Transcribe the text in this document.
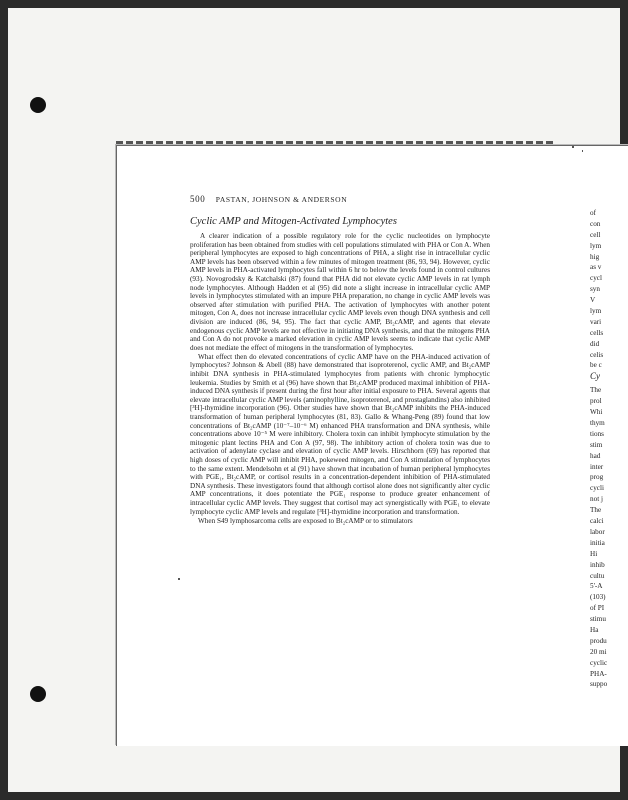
500 PASTAN, JOHNSON & ANDERSON
Cyclic AMP and Mitogen-Activated Lymphocytes

A clearer indication of a possible regulatory role for the cyclic nucleotides on lymphocyte proliferation has been obtained from studies with cell populations stimulated with PHA or Con A. When peripheral lymphocytes are exposed to high concentrations of PHA, a slight rise in intracellular cyclic AMP levels has been observed within a few minutes of mitogen treatment (86, 93, 94). However, cyclic AMP levels in PHA-activated lymphocytes fall within 6 hr to below the levels found in control cultures (93). Novogrodsky & Katchalski (87) found that PHA did not elevate cyclic AMP levels in rat lymph node lymphocytes. Although Hadden et al (95) did note a slight increase in intracellular cyclic AMP levels in lymphocytes stimulated with an impure PHA preparation, no change in cyclic AMP levels was observed after stimulation with purified PHA. The activation of lymphocytes with another potent mitogen, Con A, does not increase intracellular cyclic AMP levels even though DNA synthesis and cell division are induced (86, 94, 95). The fact that cyclic AMP, Bt₂cAMP, and agents that elevate endogenous cyclic AMP levels are not effective in initiating DNA synthesis, and that the mitogens PHA and Con A do not provoke a marked elevation in cyclic AMP levels seems to indicate that cyclic AMP does not mediate the effect of mitogens in the transformation of lymphocytes.

What effect then do elevated concentrations of cyclic AMP have on the PHA-induced activation of lymphocytes? Johnson & Abell (88) have demonstrated that isoproterenol, cyclic AMP, and Bt₂cAMP inhibit DNA synthesis in PHA-stimulated lymphocytes from patients with chronic lymphocytic leukemia. Studies by Smith et al (96) have shown that Bt₂cAMP produced maximal inhibition of PHA-induced DNA synthesis if present during the first hour after initial exposure to PHA. Several agents that elevate intracellular cyclic AMP levels (aminophylline, isoproterenol, and prostaglandins) also inhibited [³H]-thymidine incorporation (96). Other studies have shown that Bt₂cAMP inhibits the PHA-induced transformation of human peripheral lymphocytes (81, 83). Gallo & Whang-Peng (89) found that low concentrations of Bt₂cAMP (10⁻⁷–10⁻⁶ M) enhanced PHA transformation and DNA synthesis, while concentrations above 10⁻⁵ M were inhibitory. Cholera toxin can inhibit lymphocyte stimulation by the mitogenic plant lectins PHA and Con A (97, 98). The inhibitory action of cholera toxin was due to activation of adenylate cyclase and elevation of cyclic AMP levels. Hirschhorn (69) has reported that high doses of cyclic AMP will inhibit PHA, pokeweed mitogen, and Con A stimulation of lymphocytes to the same extent. Mendelsohn et al (91) have shown that incubation of human peripheral lymphocytes with PGE₁, Bt₂cAMP, or cortisol results in a concentration-dependent inhibition of PHA-stimulated DNA synthesis. These investigators found that although cortisol alone does not significantly alter cyclic AMP concentrations, it does potentiate the PGE₁ response to produce greater enhancement of intracellular cyclic AMP levels. They suggest that cortisol may act synergistically with PGE₁ to elevate lymphocyte cyclic AMP levels and regulate [³H]-thymidine incorporation and transformation.

When S49 lymphosarcoma cells are exposed to Bt₂cAMP or to stimulators

of
con
cell
lym
hig
as v
cycl
syn
V
lym
vari
cells
did
celis
be c
Cy
The
prol
Whi
thym
tions
stim
had
inter
prog
cycli
not j
The
calci
labor
initia
Hi
inhib
cultu
5'-A
(103)
of PI
stimu
Ha
produ
20 mi
cyclic
PHA-
suppo
